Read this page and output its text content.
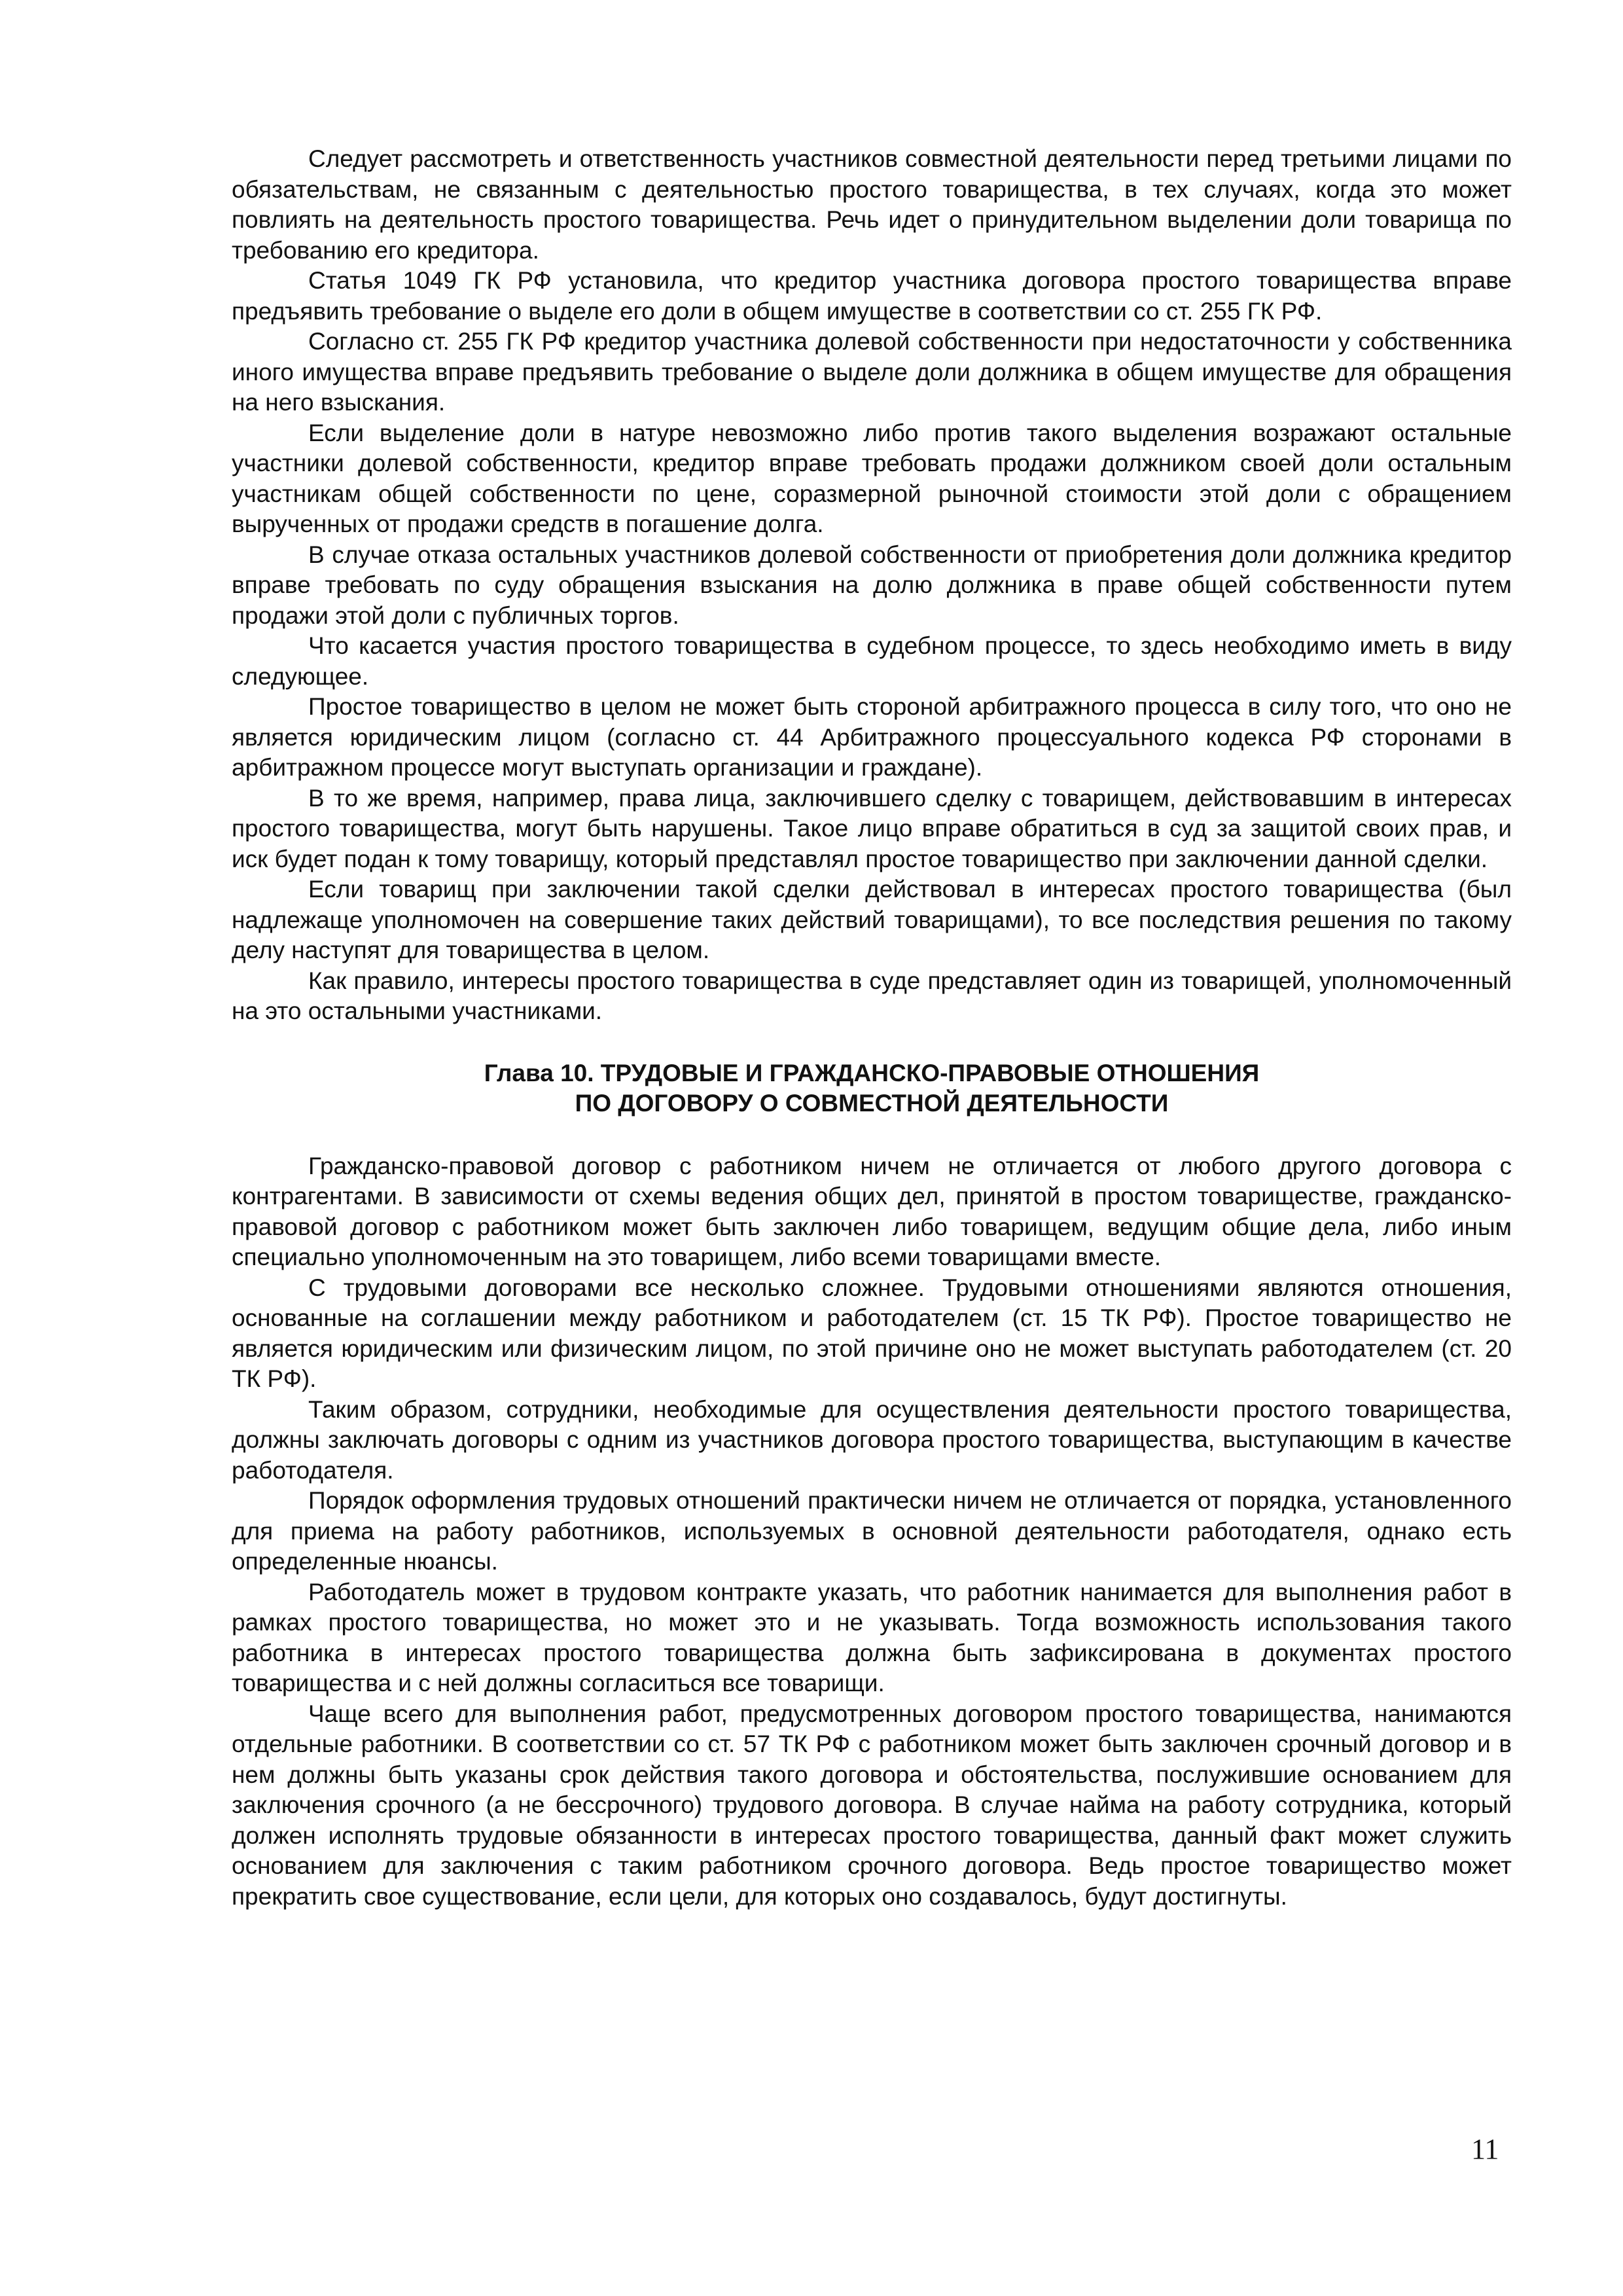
Следует рассмотреть и ответственность участников совместной деятельности перед третьими лицами по обязательствам, не связанным с деятельностью простого товарищества, в тех случаях, когда это может повлиять на деятельность простого товарищества. Речь идет о принудительном выделении доли товарища по требованию его кредитора.

Статья 1049 ГК РФ установила, что кредитор участника договора простого товарищества вправе предъявить требование о выделе его доли в общем имуществе в соответствии со ст. 255 ГК РФ.

Согласно ст. 255 ГК РФ кредитор участника долевой собственности при недостаточности у собственника иного имущества вправе предъявить требование о выделе доли должника в общем имуществе для обращения на него взыскания.

Если выделение доли в натуре невозможно либо против такого выделения возражают остальные участники долевой собственности, кредитор вправе требовать продажи должником своей доли остальным участникам общей собственности по цене, соразмерной рыночной стоимости этой доли с обращением вырученных от продажи средств в погашение долга.

В случае отказа остальных участников долевой собственности от приобретения доли должника кредитор вправе требовать по суду обращения взыскания на долю должника в праве общей собственности путем продажи этой доли с публичных торгов.

Что касается участия простого товарищества в судебном процессе, то здесь необходимо иметь в виду следующее.

Простое товарищество в целом не может быть стороной арбитражного процесса в силу того, что оно не является юридическим лицом (согласно ст. 44 Арбитражного процессуального кодекса РФ сторонами в арбитражном процессе могут выступать организации и граждане).

В то же время, например, права лица, заключившего сделку с товарищем, действовавшим в интересах простого товарищества, могут быть нарушены. Такое лицо вправе обратиться в суд за защитой своих прав, и иск будет подан к тому товарищу, который представлял простое товарищество при заключении данной сделки.

Если товарищ при заключении такой сделки действовал в интересах простого товарищества (был надлежаще уполномочен на совершение таких действий товарищами), то все последствия решения по такому делу наступят для товарищества в целом.

Как правило, интересы простого товарищества в суде представляет один из товарищей, уполномоченный на это остальными участниками.

Глава 10. ТРУДОВЫЕ И ГРАЖДАНСКО-ПРАВОВЫЕ ОТНОШЕНИЯ
ПО ДОГОВОРУ О СОВМЕСТНОЙ ДЕЯТЕЛЬНОСТИ

Гражданско-правовой договор с работником ничем не отличается от любого другого договора с контрагентами. В зависимости от схемы ведения общих дел, принятой в простом товариществе, гражданско-правовой договор с работником может быть заключен либо товарищем, ведущим общие дела, либо иным специально уполномоченным на это товарищем, либо всеми товарищами вместе.

С трудовыми договорами все несколько сложнее. Трудовыми отношениями являются отношения, основанные на соглашении между работником и работодателем (ст. 15 ТК РФ). Простое товарищество не является юридическим или физическим лицом, по этой причине оно не может выступать работодателем (ст. 20 ТК РФ).

Таким образом, сотрудники, необходимые для осуществления деятельности простого товарищества, должны заключать договоры с одним из участников договора простого товарищества, выступающим в качестве работодателя.

Порядок оформления трудовых отношений практически ничем не отличается от порядка, установленного для приема на работу работников, используемых в основной деятельности работодателя, однако есть определенные нюансы.

Работодатель может в трудовом контракте указать, что работник нанимается для выполнения работ в рамках простого товарищества, но может это и не указывать. Тогда возможность использования такого работника в интересах простого товарищества должна быть зафиксирована в документах простого товарищества и с ней должны согласиться все товарищи.

Чаще всего для выполнения работ, предусмотренных договором простого товарищества, нанимаются отдельные работники. В соответствии со ст. 57 ТК РФ с работником может быть заключен срочный договор и в нем должны быть указаны срок действия такого договора и обстоятельства, послужившие основанием для заключения срочного (а не бессрочного) трудового договора. В случае найма на работу сотрудника, который должен исполнять трудовые обязанности в интересах простого товарищества, данный факт может служить основанием для заключения с таким работником срочного договора. Ведь простое товарищество может прекратить свое существование, если цели, для которых оно создавалось, будут достигнуты.

11
